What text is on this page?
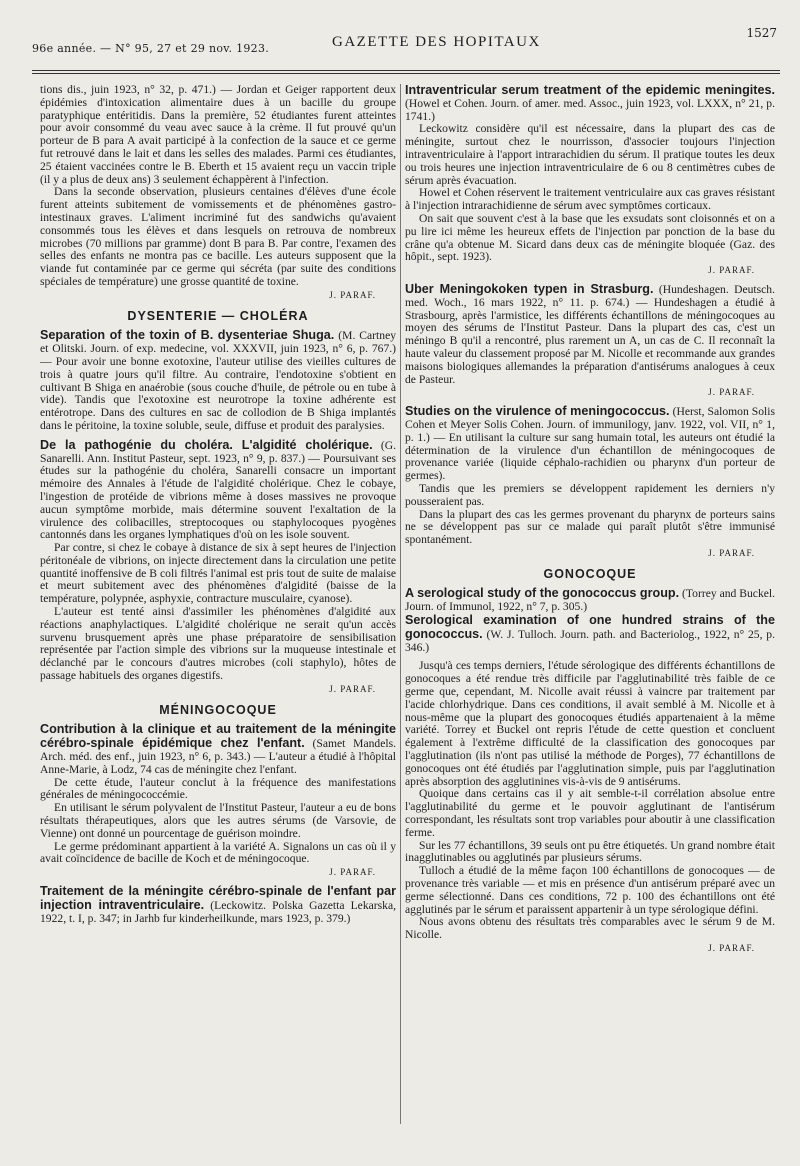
96e année. — N° 95, 27 et 29 nov. 1923.	GAZETTE DES HOPITAUX
1527

tions dis., juin 1923, n° 32, p. 471.) — Jordan et Geiger rapportent deux épidémies d'intoxication alimentaire dues à un bacille du groupe paratyphique entéritidis. Dans la première, 52 étudiantes furent atteintes pour avoir consommé du veau avec sauce à la crème. Il fut prouvé qu'un porteur de B para A avait participé à la confection de la sauce et ce germe fut retrouvé dans le lait et dans les selles des malades. Parmi ces étudiantes, 25 étaient vaccinées contre le B. Eberth et 15 avaient reçu un vaccin triple (il y a plus de deux ans) 3 seulement échappèrent à l'infection.

Dans la seconde observation, plusieurs centaines d'élèves d'une école furent atteints subitement de vomissements et de phénomènes gastro-intestinaux graves. L'aliment incriminé fut des sandwichs qu'avaient consommés tous les élèves et dans lesquels on retrouva de nombreux microbes (70 millions par gramme) dont B para B. Par contre, l'examen des selles des enfants ne montra pas ce bacille. Les auteurs supposent que la viande fut contaminée par ce germe qui sécréta (par suite des conditions spéciales de température) une grosse quantité de toxine.

J. PARAF.
DYSENTERIE — CHOLÉRA

Separation of the toxin of B. dysenteriae Shuga. (M. Cartney et Olitski. Journ. of exp. medecine, vol. XXXVII, juin 1923, n° 6, p. 767.) — Pour avoir une bonne exotoxine, l'auteur utilise des vieilles cultures de trois à quatre jours qu'il filtre. Au contraire, l'endotoxine s'obtient en cultivant B Shiga en anaérobie (sous couche d'huile, de pétrole ou en tube à vide). Tandis que l'exotoxine est neurotrope la toxine adhérente est entérotrope. Dans des cultures en sac de collodion de B Shiga implantés dans le péritoine, la toxine soluble, seule, diffuse et produit des paralysies.

De la pathogénie du choléra. L'algidité cholérique. (G. Sanarelli. Ann. Institut Pasteur, sept. 1923, n° 9, p. 837.) — Poursuivant ses études sur la pathogénie du choléra, Sanarelli consacre un important mémoire des Annales à l'étude de l'algidité cholérique. Chez le cobaye, l'ingestion de protéide de vibrions même à doses massives ne provoque aucun symptôme morbide, mais détermine souvent l'exaltation de la virulence des colibacilles, streptocoques ou staphylocoques pyogènes cantonnés dans les organes lymphatiques d'où on les isole souvent.

Par contre, si chez le cobaye à distance de six à sept heures de l'injection péritonéale de vibrions, on injecte directement dans la circulation une petite quantité inoffensive de B coli filtrés l'animal est pris tout de suite de malaise et meurt subitement avec des phénomènes d'algidité (baisse de la température, polypnée, asphyxie, contracture musculaire, cyanose).

L'auteur est tenté ainsi d'assimiler les phénomènes d'algidité aux réactions anaphylactiques. L'algidité cholérique ne serait qu'un accès survenu brusquement après une phase préparatoire de sensibilisation représentée par l'action simple des vibrions sur la muqueuse intestinale et déclanché par le concours d'autres microbes (coli staphylo), hôtes de passage habituels des organes digestifs.

J. PARAF.
MÉNINGOCOQUE

Contribution à la clinique et au traitement de la méningite cérébro-spinale épidémique chez l'enfant. (Samet Mandels. Arch. méd. des enf., juin 1923, n° 6, p. 343.) — L'auteur a étudié à l'hôpital Anne-Marie, à Lodz, 74 cas de méningite chez l'enfant.

De cette étude, l'auteur conclut à la fréquence des manifestations générales de méningococcémie.

En utilisant le sérum polyvalent de l'Institut Pasteur, l'auteur a eu de bons résultats thérapeutiques, alors que les autres sérums (de Varsovie, de Vienne) ont donné un pourcentage de guérison moindre.

Le germe prédominant appartient à la variété A. Signalons un cas où il y avait coïncidence de bacille de Koch et de méningocoque.

J. PARAF.

Traitement de la méningite cérébro-spinale de l'enfant par injection intraventriculaire. (Leckowitz. Polska Gazetta Lekarska, 1922, t. I, p. 347; in Jarhb fur kinderheilkunde, mars 1923, p. 379.)

Intraventricular serum treatment of the epidemic meningites. (Howel et Cohen. Journ. of amer. med. Assoc., juin 1923, vol. LXXX, n° 21, p. 1741.)

Leckowitz considère qu'il est nécessaire, dans la plupart des cas de méningite, surtout chez le nourrisson, d'associer toujours l'injection intraventriculaire à l'apport intrarachidien du sérum. Il pratique toutes les deux ou trois heures une injection intraventriculaire de 6 ou 8 centimètres cubes de sérum après évacuation.

Howel et Cohen réservent le traitement ventriculaire aux cas graves résistant à l'injection intrarachidienne de sérum avec symptômes corticaux.

On sait que souvent c'est à la base que les exsudats sont cloisonnés et on a pu lire ici même les heureux effets de l'injection par ponction de la base du crâne qu'a obtenue M. Sicard dans deux cas de méningite bloquée (Gaz. des hôpit., sept. 1923).

J. PARAF.

Uber Meningokoken typen in Strasburg. (Hundeshagen. Deutsch. med. Woch., 16 mars 1922, n° 11. p. 674.) — Hundeshagen a étudié à Strasbourg, après l'armistice, les différents échantillons de méningocoques au moyen des sérums de l'Institut Pasteur. Dans la plupart des cas, c'est un méningo B qu'il a rencontré, plus rarement un A, un cas de C. Il reconnaît la haute valeur du classement proposé par M. Nicolle et recommande aux grandes maisons biologiques allemandes la préparation d'antisérums analogues à ceux de Pasteur.

J. PARAF.

Studies on the virulence of meningococcus. (Herst, Salomon Solis Cohen et Meyer Solis Cohen. Journ. of immunilogy, janv. 1922, vol. VII, n° 1, p. 1.) — En utilisant la culture sur sang humain total, les auteurs ont étudié la détermination de la virulence d'un échantillon de méningocoques de provenance variée (liquide céphalo-rachidien ou pharynx d'un porteur de germes).

Tandis que les premiers se développent rapidement les derniers n'y pousseraient pas.

Dans la plupart des cas les germes provenant du pharynx de porteurs sains ne se développent pas sur ce malade qui paraît plutôt s'être immunisé spontanément.

J. PARAF.
GONOCOQUE

A serological study of the gonococcus group. (Torrey and Buckel. Journ. of Immunol, 1922, n° 7, p. 305.)

Serological examination of one hundred strains of the gonococcus. (W. J. Tulloch. Journ. path. and Bacteriolog., 1922, n° 25, p. 346.)

Jusqu'à ces temps derniers, l'étude sérologique des différents échantillons de gonocoques a été rendue très difficile par l'agglutinabilité très faible de ce germe que, cependant, M. Nicolle avait réussi à vaincre par traitement par l'acide chlorhydrique. Dans ces conditions, il avait semblé à M. Nicolle et à nous-même que la plupart des gonocoques étudiés appartenaient à la même variété. Torrey et Buckel ont repris l'étude de cette question et concluent également à l'extrême difficulté de la classification des gonocoques par l'agglutination (ils n'ont pas utilisé la méthode de Porges), 77 échantillons de gonocoques ont été étudiés par l'agglutination simple, puis par l'agglutination après absorption des agglutinines vis-à-vis de 9 antisérums.

Quoique dans certains cas il y ait semble-t-il corrélation absolue entre l'agglutinabilité du germe et le pouvoir agglutinant de l'antisérum correspondant, les résultats sont trop variables pour aboutir à une classification ferme.

Sur les 77 échantillons, 39 seuls ont pu être étiquetés. Un grand nombre était inagglutinables ou agglutinés par plusieurs sérums.

Tulloch a étudié de la même façon 100 échantillons de gonocoques — de provenance très variable — et mis en présence d'un antisérum préparé avec un germe sélectionné. Dans ces conditions, 72 p. 100 des échantillons ont été agglutinés par le sérum et paraissent appartenir à un type sérologique défini.

Nous avons obtenu des résultats très comparables avec le sérum 9 de M. Nicolle.

J. PARAF.
